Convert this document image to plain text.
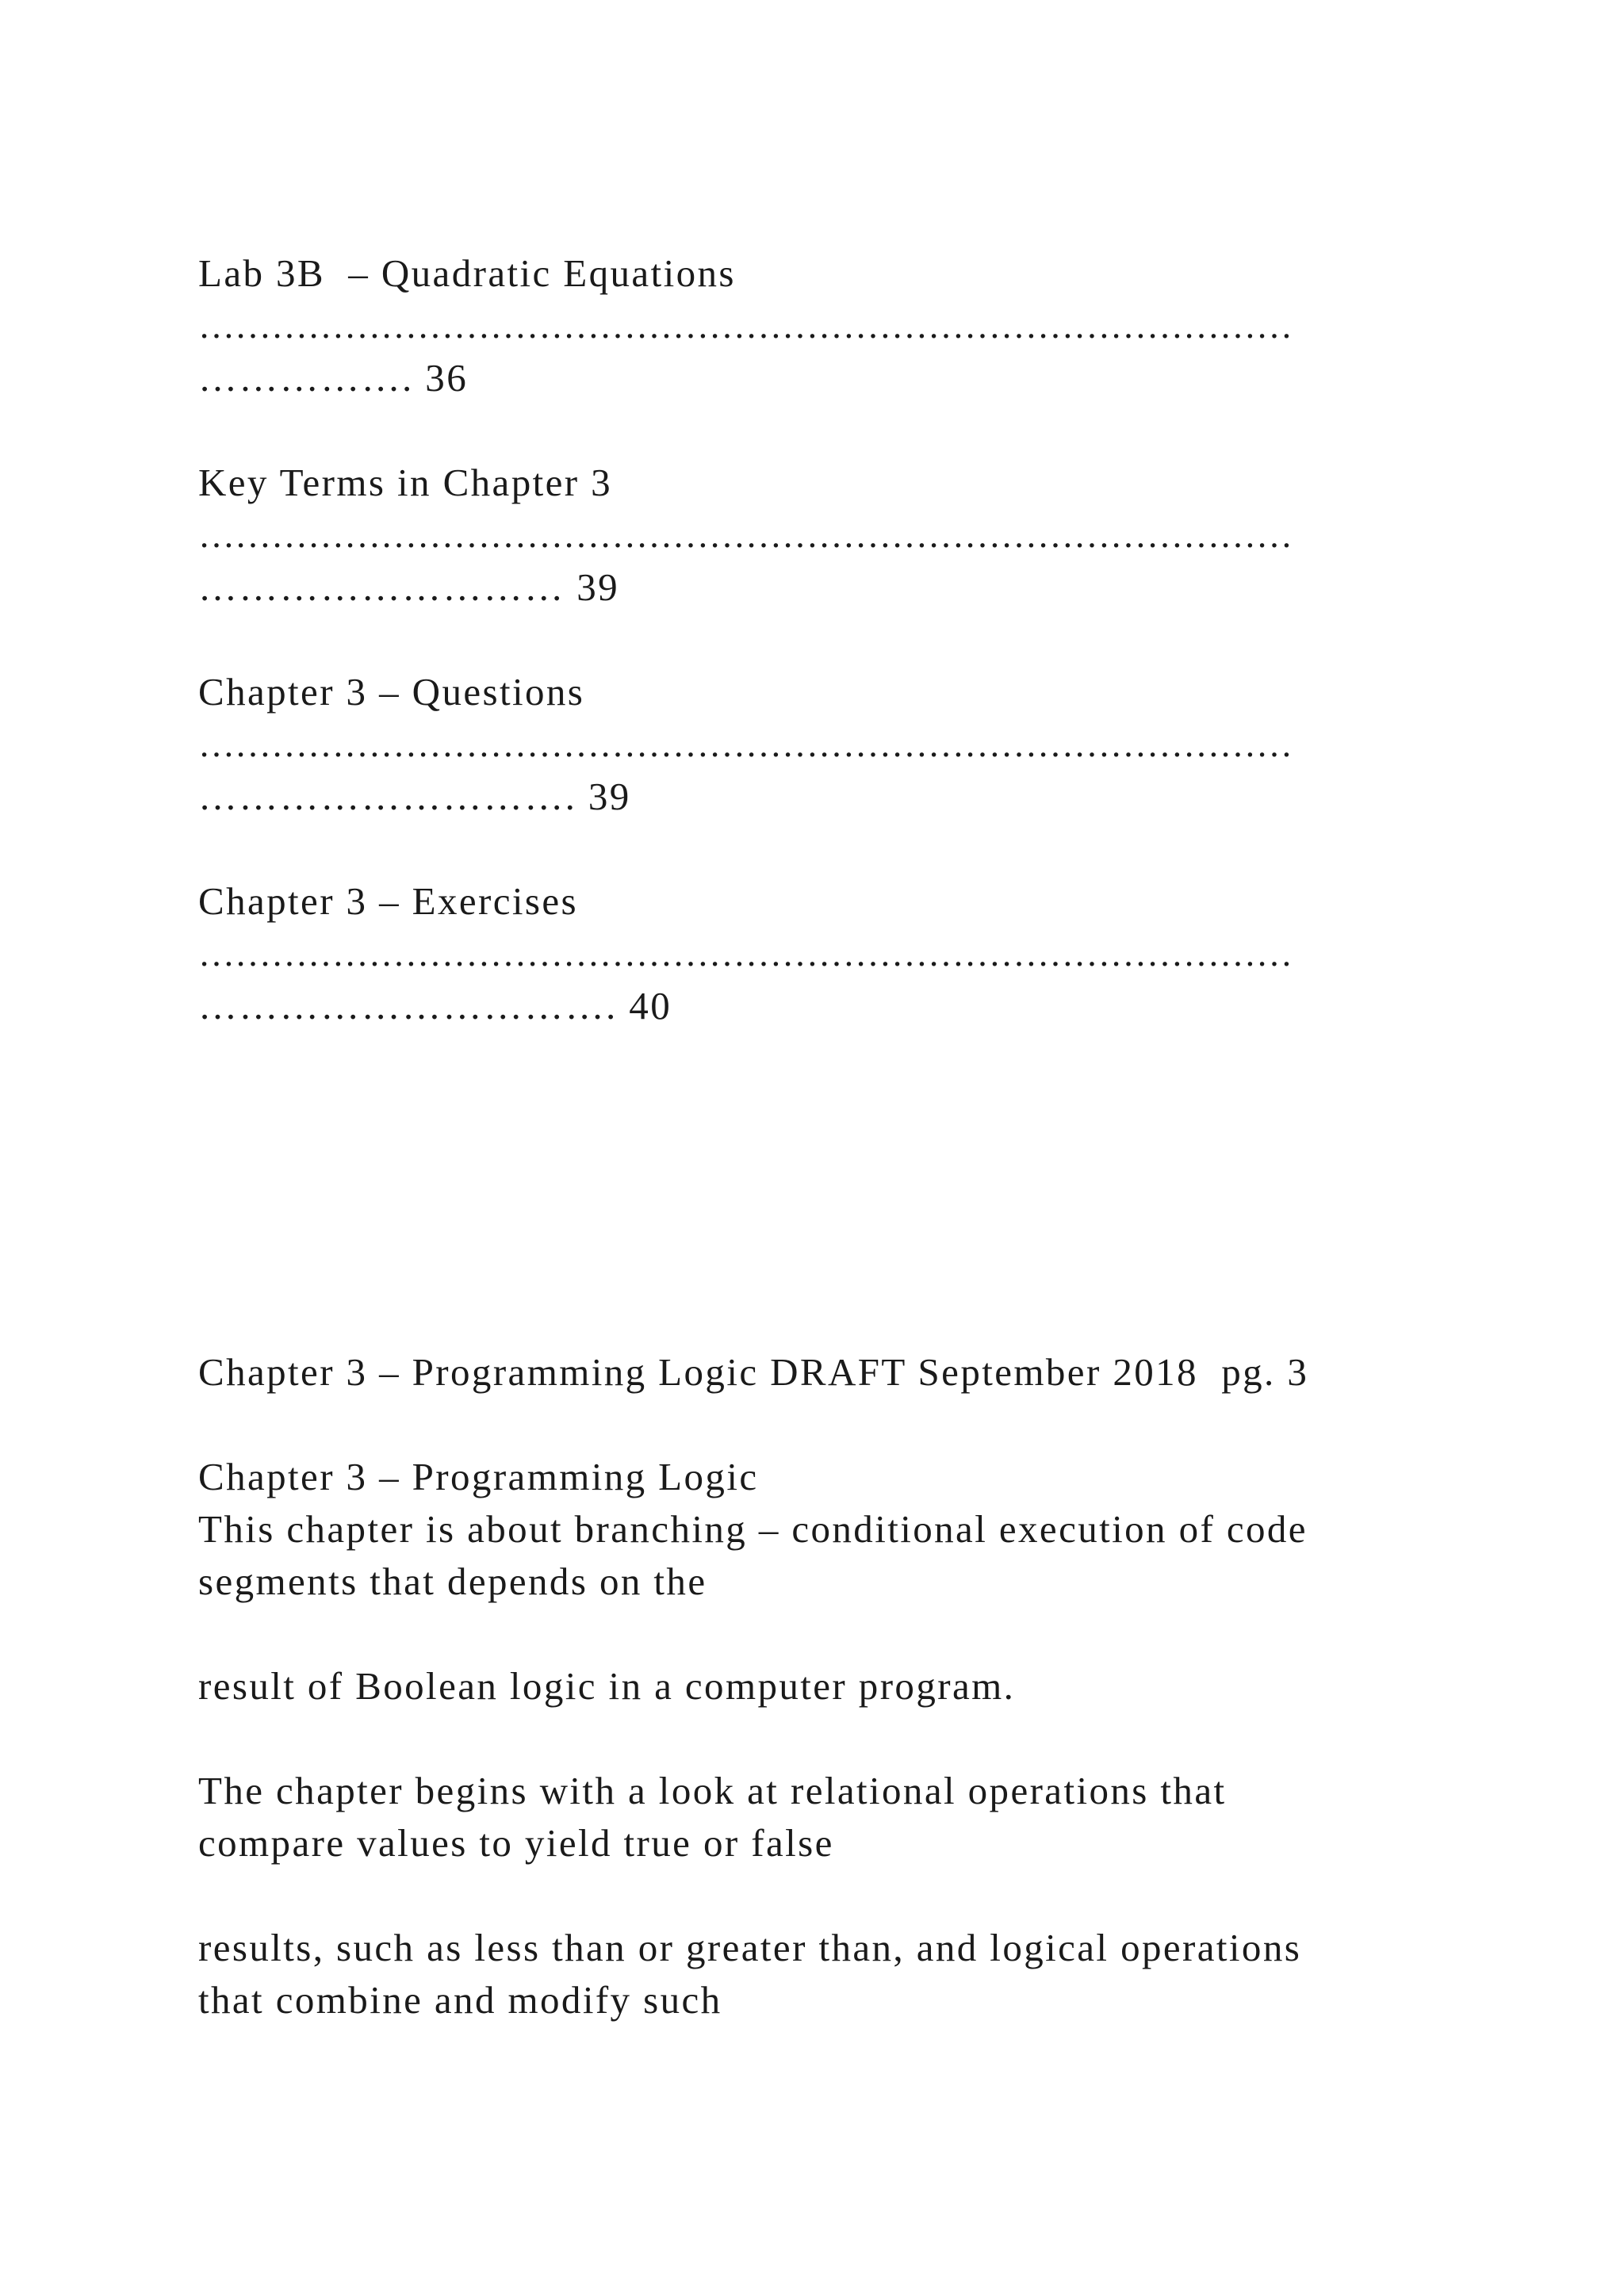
Lab 3B  – Quadratic Equations
………………………………………………………………………………
……………. 36
Key Terms in Chapter 3
………………………………………………………………………………
……………………… 39
Chapter 3 – Questions
………………………………………………………………………………
………………………. 39
Chapter 3 – Exercises
………………………………………………………………………………
…………………………. 40
Chapter 3 – Programming Logic DRAFT September 2018  pg. 3
Chapter 3 – Programming Logic
This chapter is about branching – conditional execution of code
segments that depends on the
result of Boolean logic in a computer program.
The chapter begins with a look at relational operations that
compare values to yield true or false
results, such as less than or greater than, and logical operations
that combine and modify such
